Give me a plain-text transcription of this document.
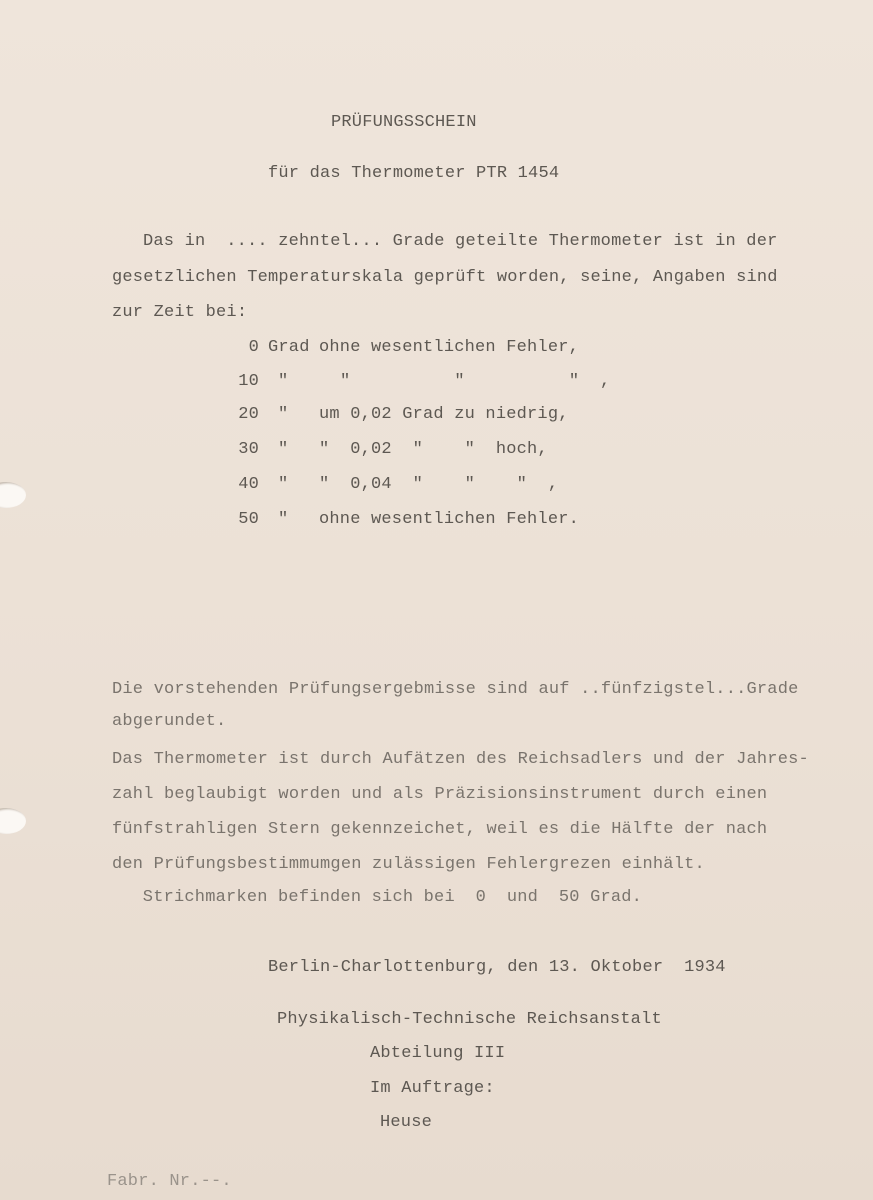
PRÜFUNGSSCHEIN
für das Thermometer PTR 1454
Das in  .... zehntel... Grade geteilte Thermometer ist in der
gesetzlichen Temperaturskala geprüft worden, seine, Angaben sind
zur Zeit bei:
0 Grad ohne wesentlichen Fehler,
10 "	"          "          "  ,
20 " um 0,02 Grad zu niedrig,
30 " "  0,02  "    "  hoch,
40 " "  0,04  "    "    "  ,
50 " ohne wesentlichen Fehler.
Die vorstehenden Prüfungsergebmisse sind auf ..fünfzigstel...Grade
abgerundet.
Das Thermometer ist durch Aufätzen des Reichsadlers und der Jahres-
zahl beglaubigt worden und als Präzisionsinstrument durch einen
fünfstrahligen Stern gekennzeichet, weil es die Hälfte der nach
den Prüfungsbestimmumgen zulässigen Fehlergrezen einhält.
Strichmarken befinden sich bei  0  und  50 Grad.
Berlin-Charlottenburg, den 13. Oktober  1934
Physikalisch-Technische Reichsanstalt
Abteilung III
Im Auftrage:
Heuse
Fabr. Nr.--.
